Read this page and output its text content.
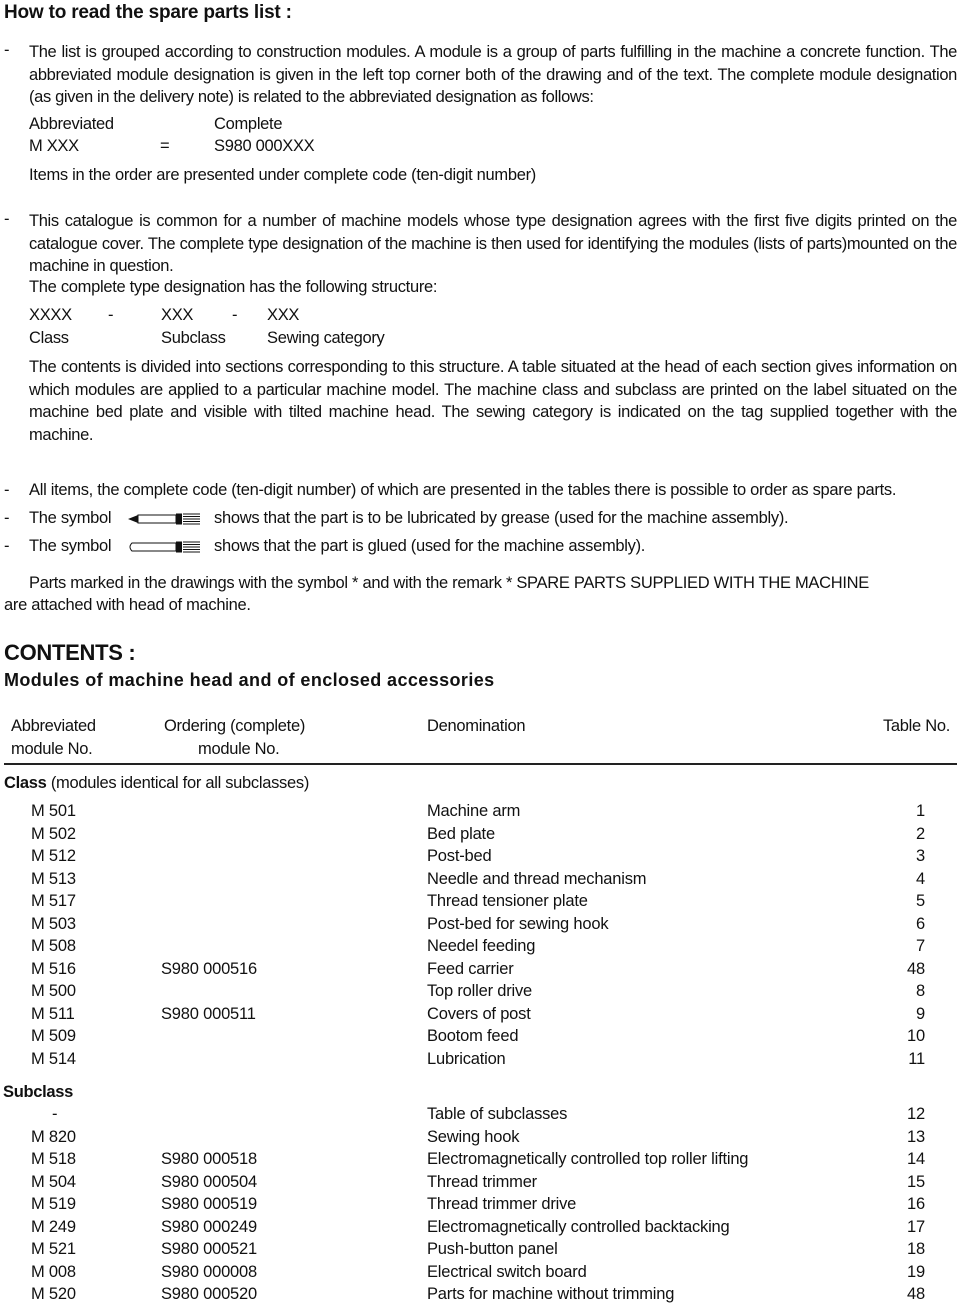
How to read the spare parts list :
- The list is grouped according to construction modules. A module is a group of parts fulfilling in the machine a concrete function. The abbreviated module designation is given in the left top corner both of the drawing and of the text. The complete module designation (as given in the delivery note) is related to the abbreviated designation as follows:
Abbreviated	Complete
M XXX	=	S980 000XXX
Items in the order are presented under complete code (ten-digit number)
- This catalogue is common for a number of machine models whose type designation agrees with the first five digits printed on the catalogue cover. The complete type designation of the machine is then used for identifying the modules (lists of parts)mounted on the machine in question.
The complete type designation has the following structure:
XXXX -	XXX - XXX
Class	Subclass	Sewing category
The contents is divided into sections corresponding to this structure. A table situated at the head of each section gives information on which modules are applied to a particular machine model. The machine class and subclass are printed on the label situated on the machine bed plate and visible with tilted machine head. The sewing category is indicated on the tag supplied together with the machine.
- All items, the complete code (ten-digit number) of which are presented in the tables there is possible to order as spare parts.
- The symbol	shows that the part is to be lubricated by grease (used for the machine assembly).
- The symbol	shows that the part is glued (used for the machine assembly).
Parts marked in the drawings with the symbol * and with the remark * SPARE PARTS SUPPLIED WITH THE MACHINE
are attached with head of machine.
CONTENTS :
Modules of machine head and of enclosed accessories
Abbreviated
module No.
Ordering (complete)
module No.
Denomination	Table No.
Class (modules identical for all subclasses)
M 501	Machine arm	1
M 502	Bed plate	2
M 512	Post-bed	3
M 513	Needle and thread mechanism	4
M 517	Thread tensioner plate	5
M 503	Post-bed for sewing hook	6
M 508	Needel feeding	7
M 516	S980 000516	Feed carrier	48
M 500	Top roller drive	8
M 511	S980 000511	Covers of post	9
M 509	Bootom feed	10
M 514	Lubrication	11
Subclass
-	Table of subclasses	12
M 820	Sewing hook	13
M 518	S980 000518	Electromagnetically controlled top roller lifting	14
M 504	S980 000504	Thread trimmer	15
M 519	S980 000519	Thread trimmer drive	16
M 249	S980 000249	Electromagnetically controlled backtacking	17
M 521	S980 000521	Push-button panel	18
M 008	S980 000008	Electrical switch board	19
M 520	S980 000520	Parts for machine without trimming	48
